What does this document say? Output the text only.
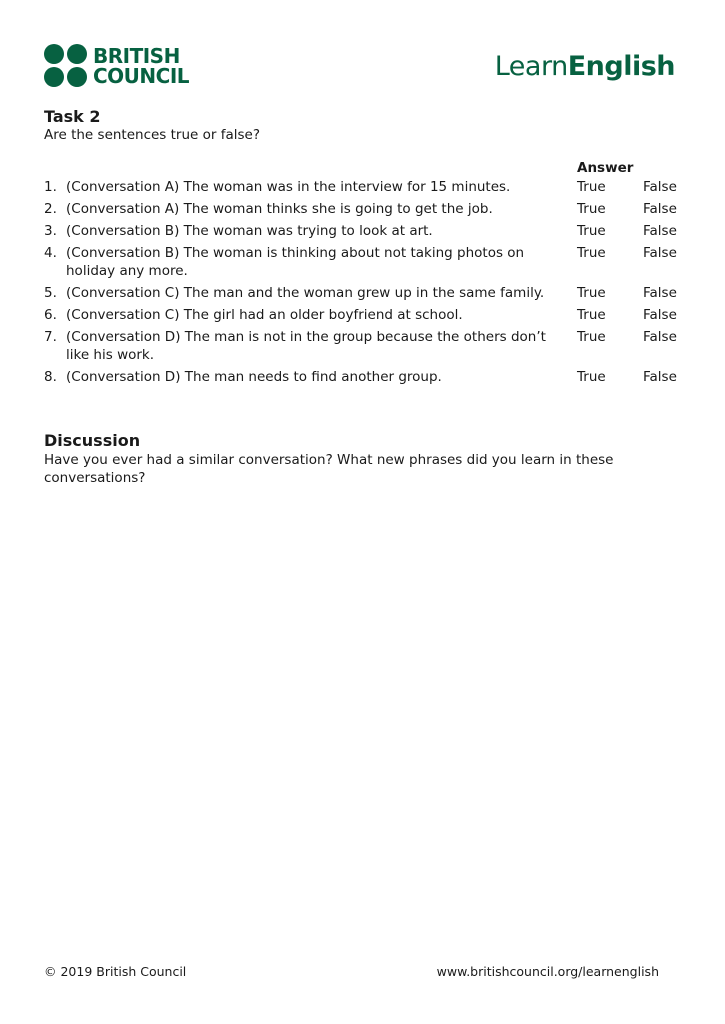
BRITISH
COUNCIL	LearnEnglish
Task 2
Are the sentences true or false?
Answer
1. (Conversation A) The woman was in the interview for 15 minutes.	True	False
2. (Conversation A) The woman thinks she is going to get the job.	True	False
3. (Conversation B) The woman was trying to look at art.	True	False
4. (Conversation B) The woman is thinking about not taking photos on holiday any more.
True	False
5. (Conversation C) The man and the woman grew up in the same family.	True	False
6. (Conversation C) The girl had an older boyfriend at school.	True	False
7. (Conversation D) The man is not in the group because the others don’t like his work.
True	False
8. (Conversation D) The man needs to find another group.	True	False
Discussion
Have you ever had a similar conversation? What new phrases did you learn in these conversations?
© 2019 British Council	www.britishcouncil.org/learnenglish
